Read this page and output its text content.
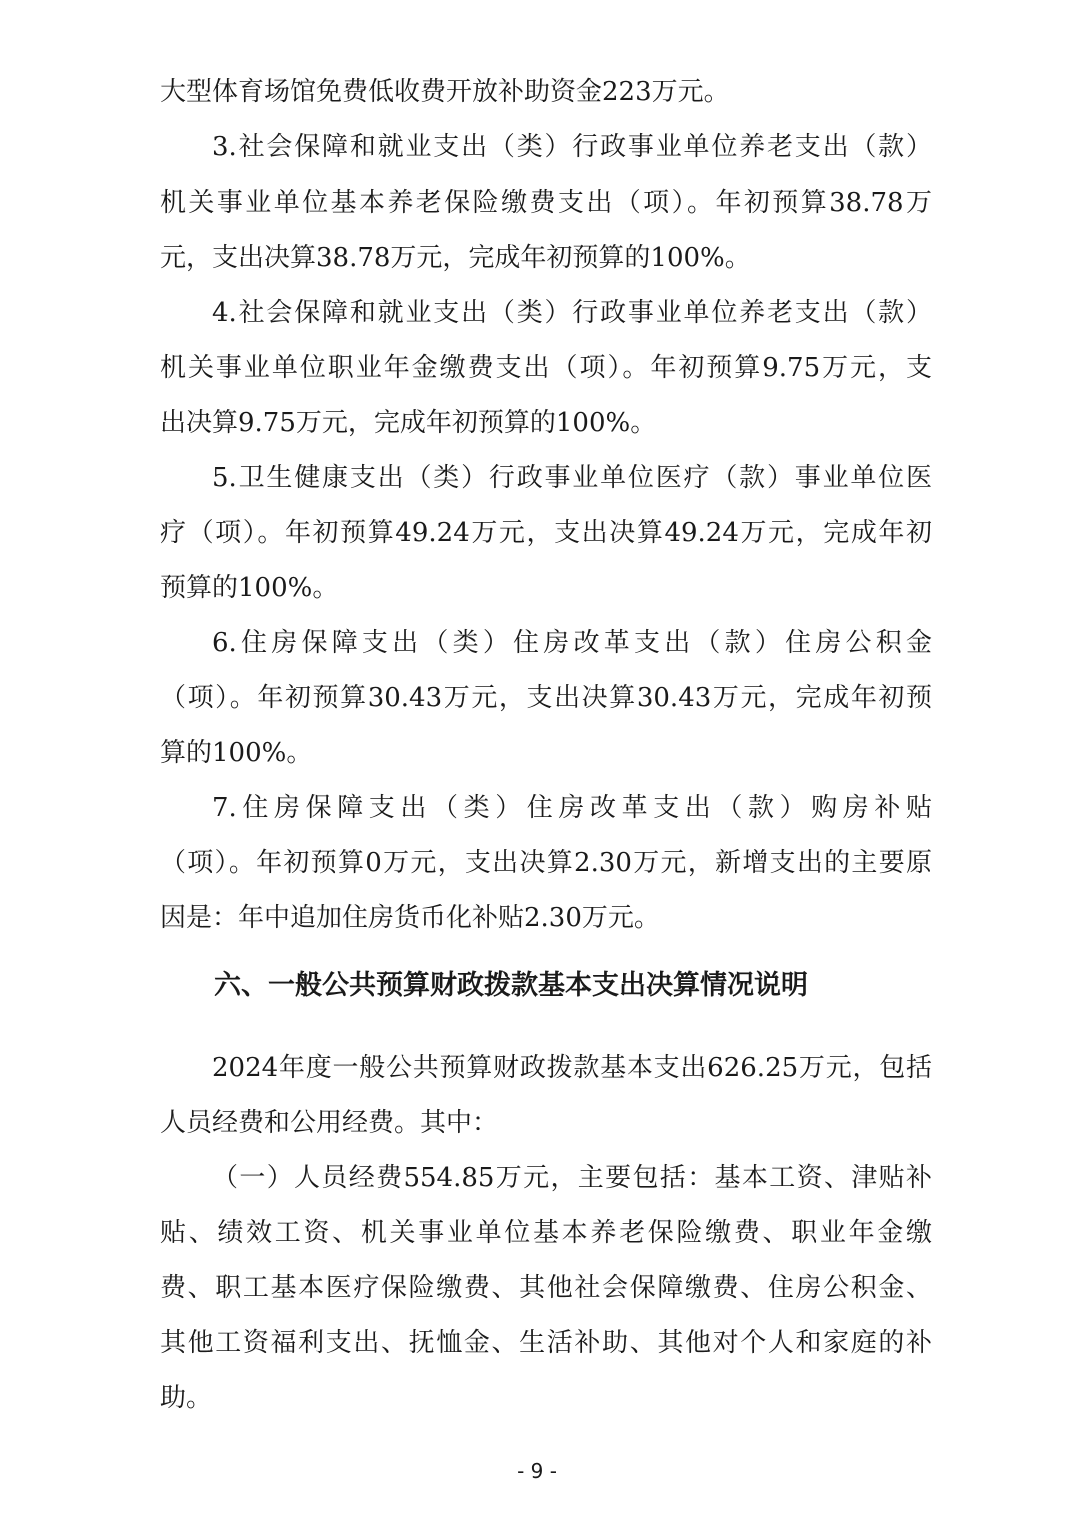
大型体育场馆免费低收费开放补助资金223万元。
3.社会保障和就业支出（类）行政事业单位养老支出（款）
机关事业单位基本养老保险缴费支出（项）。年初预算38.78万
元，支出决算38.78万元，完成年初预算的100%。
4.社会保障和就业支出（类）行政事业单位养老支出（款）
机关事业单位职业年金缴费支出（项）。年初预算9.75万元，支
出决算9.75万元，完成年初预算的100%。
5.卫生健康支出（类）行政事业单位医疗（款）事业单位医
疗（项）。年初预算49.24万元，支出决算49.24万元，完成年初
预算的100%。
6.住房保障支出（类）住房改革支出（款）住房公积金
（项）。年初预算30.43万元，支出决算30.43万元，完成年初预
算的100%。
7.住房保障支出（类）住房改革支出（款）购房补贴
（项）。年初预算0万元，支出决算2.30万元，新增支出的主要原
因是：年中追加住房货币化补贴2.30万元。
六、一般公共预算财政拨款基本支出决算情况说明
2024年度一般公共预算财政拨款基本支出626.25万元，包括
人员经费和公用经费。其中：
（一）人员经费554.85万元，主要包括：基本工资、津贴补
贴、绩效工资、机关事业单位基本养老保险缴费、职业年金缴
费、职工基本医疗保险缴费、其他社会保障缴费、住房公积金、
其他工资福利支出、抚恤金、生活补助、其他对个人和家庭的补
助。
- 9 -
